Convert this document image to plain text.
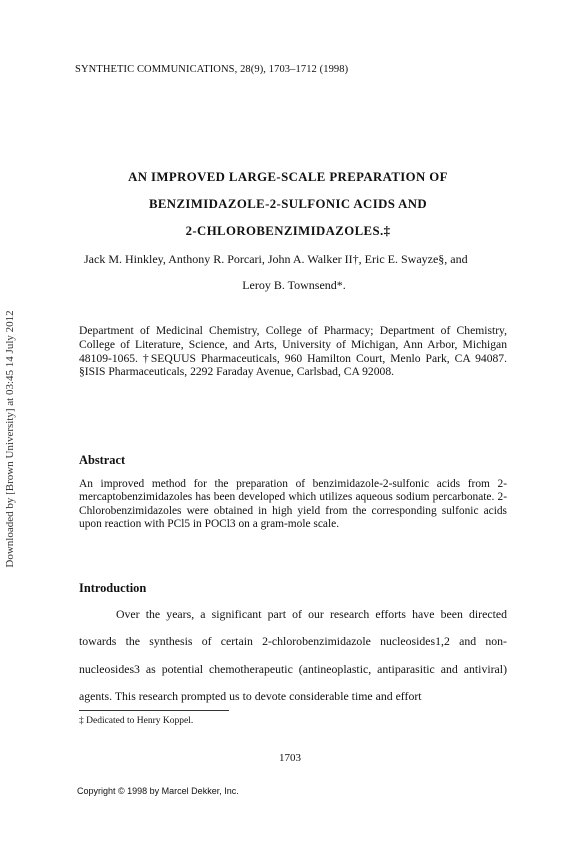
Downloaded by [Brown University] at 03:45 14 July 2012
SYNTHETIC COMMUNICATIONS, 28(9), 1703–1712 (1998)
AN IMPROVED LARGE-SCALE PREPARATION OF
BENZIMIDAZOLE-2-SULFONIC ACIDS AND
2-CHLOROBENZIMIDAZOLES.‡
Jack M. Hinkley, Anthony R. Porcari, John A. Walker II†, Eric E. Swayze§, and
Leroy B. Townsend*.
Department of Medicinal Chemistry, College of Pharmacy; Department of Chemistry, College of Literature, Science, and Arts, University of Michigan, Ann Arbor, Michigan 48109-1065. †SEQUUS Pharmaceuticals, 960 Hamilton Court, Menlo Park, CA 94087. §ISIS Pharmaceuticals, 2292 Faraday Avenue, Carlsbad, CA 92008.
Abstract
An improved method for the preparation of benzimidazole-2-sulfonic acids from 2-mercaptobenzimidazoles has been developed which utilizes aqueous sodium percarbonate. 2-Chlorobenzimidazoles were obtained in high yield from the corresponding sulfonic acids upon reaction with PCl5 in POCl3 on a gram-mole scale.
Introduction
Over the years, a significant part of our research efforts have been directed towards the synthesis of certain 2-chlorobenzimidazole nucleosides1,2 and non-nucleosides3 as potential chemotherapeutic (antineoplastic, antiparasitic and antiviral) agents. This research prompted us to devote considerable time and effort
‡ Dedicated to Henry Koppel.
1703
Copyright © 1998 by Marcel Dekker, Inc.
